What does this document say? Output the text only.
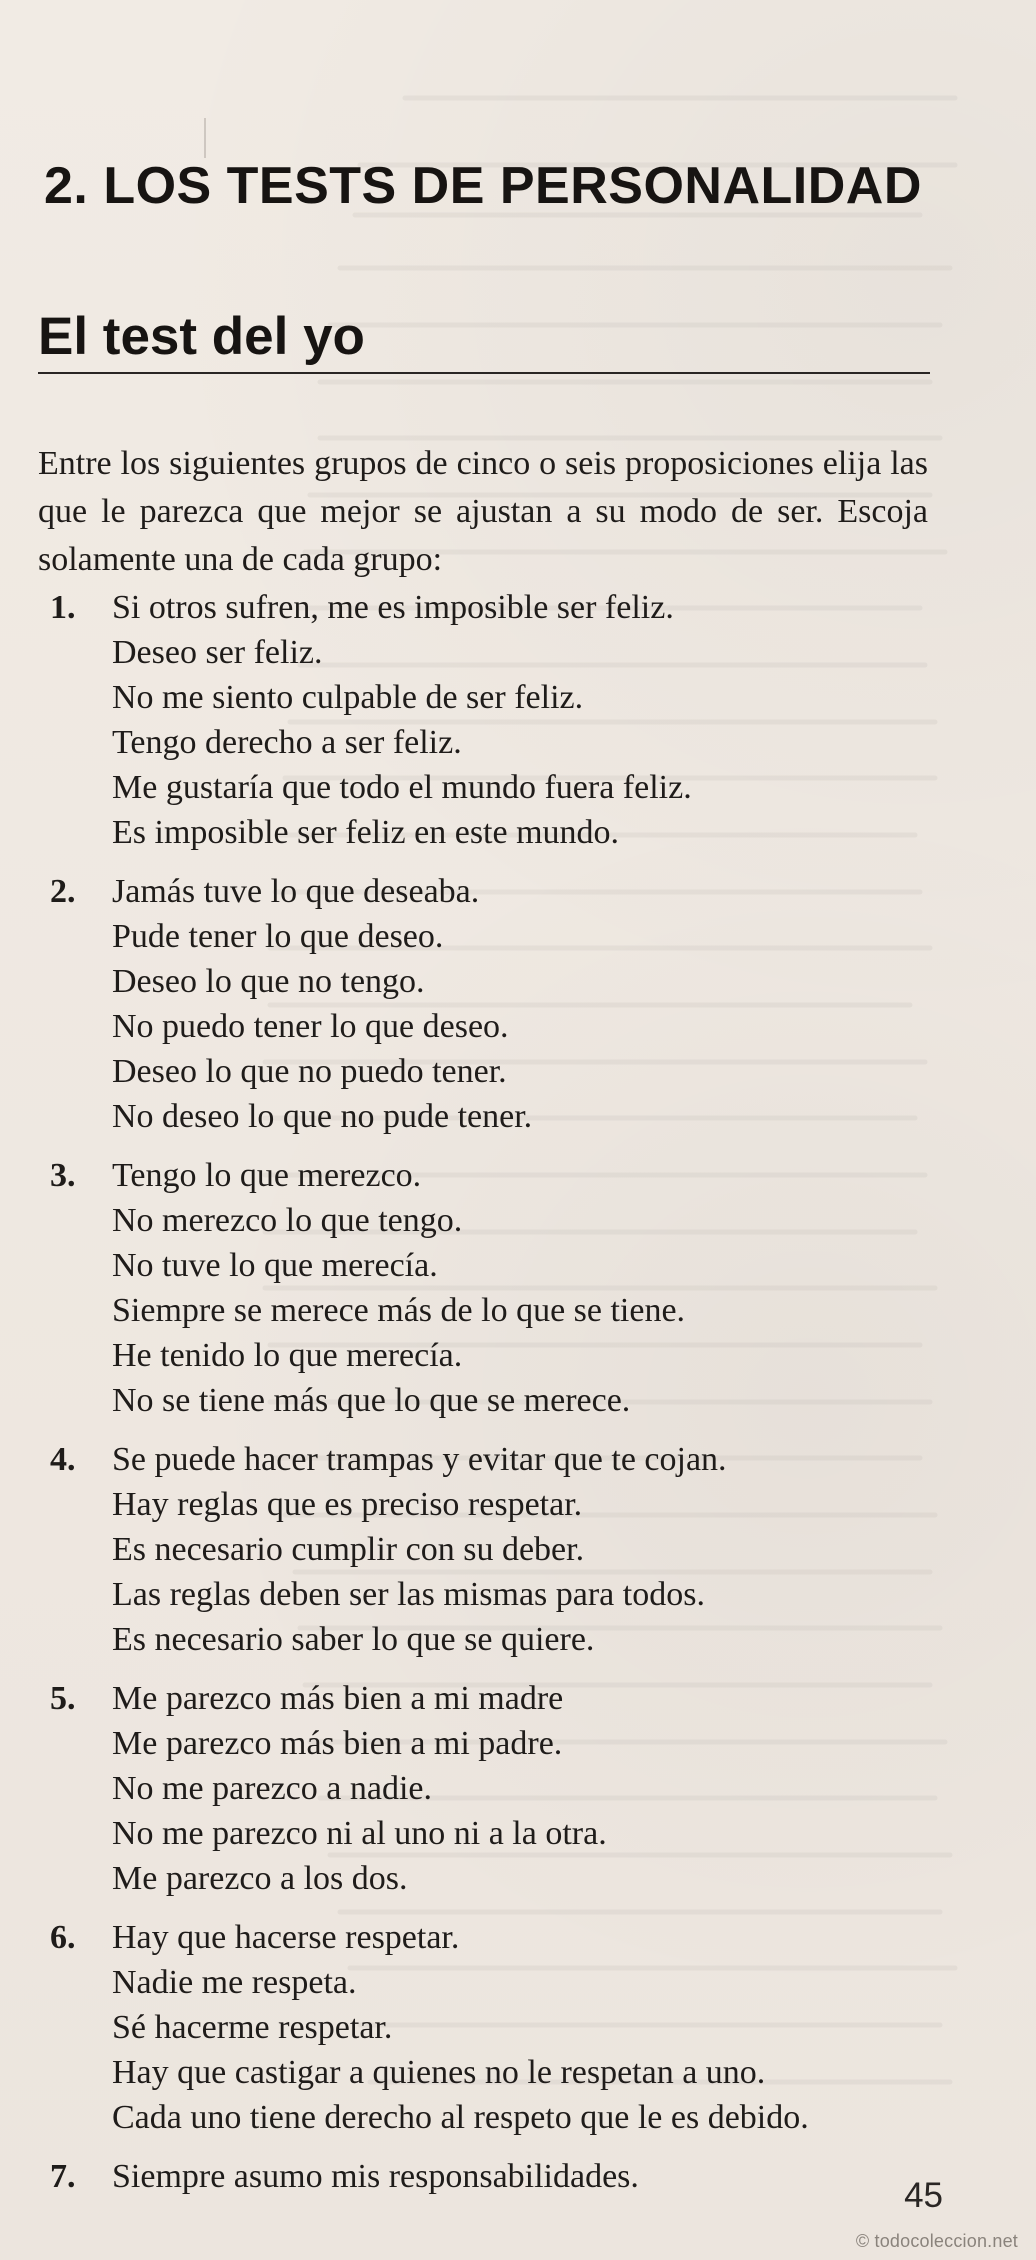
2. LOS TESTS DE PERSONALIDAD
El test del yo

Entre los siguientes grupos de cinco o seis proposiciones elija las que le parezca que mejor se ajustan a su modo de ser. Escoja solamente una de cada grupo:

1.	Si otros sufren, me es imposible ser feliz.
Deseo ser feliz.
No me siento culpable de ser feliz.
Tengo derecho a ser feliz.
Me gustaría que todo el mundo fuera feliz.
Es imposible ser feliz en este mundo.
2.	Jamás tuve lo que deseaba.
Pude tener lo que deseo.
Deseo lo que no tengo.
No puedo tener lo que deseo.
Deseo lo que no puedo tener.
No deseo lo que no pude tener.
3.	Tengo lo que merezco.
No merezco lo que tengo.
No tuve lo que merecía.
Siempre se merece más de lo que se tiene.
He tenido lo que merecía.
No se tiene más que lo que se merece.
4.	Se puede hacer trampas y evitar que te cojan.
Hay reglas que es preciso respetar.
Es necesario cumplir con su deber.
Las reglas deben ser las mismas para todos.
Es necesario saber lo que se quiere.
5.	Me parezco más bien a mi madre
Me parezco más bien a mi padre.
No me parezco a nadie.
No me parezco ni al uno ni a la otra.
Me parezco a los dos.
6.	Hay que hacerse respetar.
Nadie me respeta.
Sé hacerme respetar.
Hay que castigar a quienes no le respetan a uno.
Cada uno tiene derecho al respeto que le es debido.
7.	Siempre asumo mis responsabilidades.	45

© todocoleccion.net
